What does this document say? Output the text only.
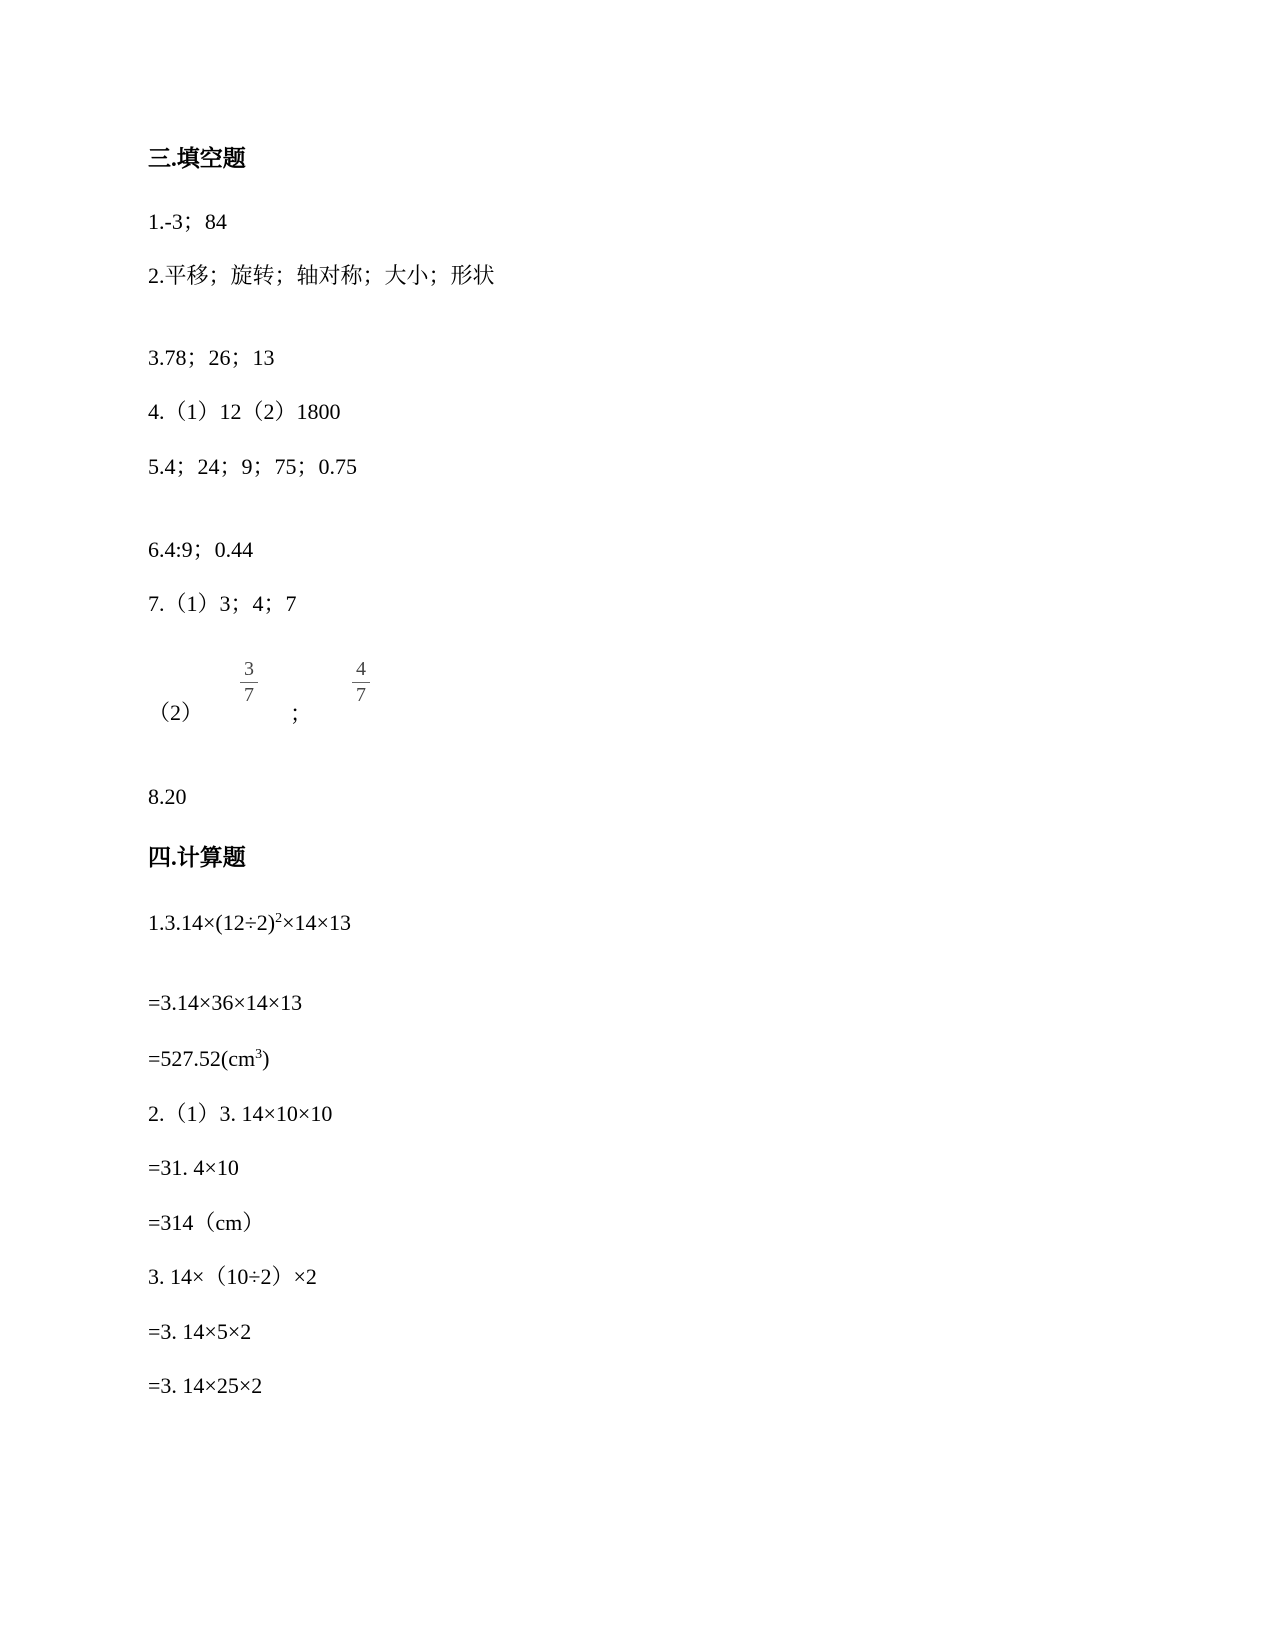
三.填空题
1.-3；84
2.平移；旋转；轴对称；大小；形状
3.78；26；13
4.（1）12（2）1800
5.4；24；9；75；0.75
6.4:9；0.44
7.（1）3；4；7
（2）
3
7
；
4
7
8.20
四.计算题
$1.3.14\times(12\div 2)^2\times 14\times 13$
=3.14×36×14×13
$=527.52(cm^3)$
2.（1）3. 14×10×10
=31. 4×10
=314（cm）
3. 14×（10÷2）×2
=3. 14×5×2
=3. 14×25×2
